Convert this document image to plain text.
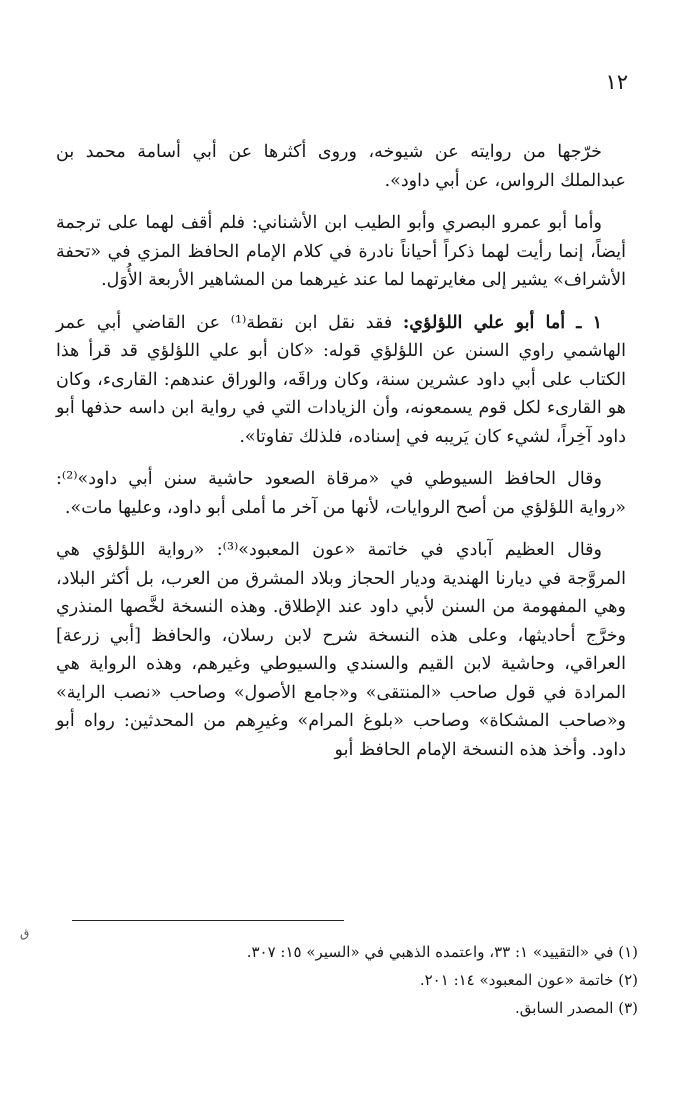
١٢

خرّجها من روايته عن شيوخه، وروى أكثرها عن أبي أسامة محمد بن عبدالملك الرواس، عن أبي داود».

وأما أبو عمرو البصري وأبو الطيب ابن الأشناني: فلم أقف لهما على ترجمة أيضاً، إنما رأيت لهما ذكراً أحياناً نادرة في كلام الإمام الحافظ المزي في «تحفة الأشراف» يشير إلى مغايرتهما لما عند غيرهما من المشاهير الأربعة الأُوَل.

١ ـ أما أبو علي اللؤلؤي: فقد نقل ابن نقطة⁽¹⁾ عن القاضي أبي عمر الهاشمي راوي السنن عن اللؤلؤي قوله: «كان أبو علي اللؤلؤي قد قرأ هذا الكتاب على أبي داود عشرين سنة، وكان وراقَه، والوراق عندهم: القارىء، وكان هو القارىء لكل قوم يسمعونه، وأن الزيادات التي في رواية ابن داسه حذفها أبو داود آخِراً، لشيء كان يَريبه في إسناده، فلذلك تفاوتا».

وقال الحافظ السيوطي في «مرقاة الصعود حاشية سنن أبي داود»⁽²⁾: «رواية اللؤلؤي من أصح الروايات، لأنها من آخر ما أملى أبو داود، وعليها مات».

وقال العظيم آبادي في خاتمة «عون المعبود»⁽³⁾: «رواية اللؤلؤي هي المروَّجة في ديارنا الهندية وديار الحجاز وبلاد المشرق من العرب، بل أكثر البلاد، وهي المفهومة من السنن لأبي داود عند الإطلاق. وهذه النسخة لخَّصها المنذري وخرَّج أحاديثها، وعلى هذه النسخة شرح لابن رسلان، والحافظ [أبي زرعة] العراقي، وحاشية لابن القيم والسندي والسيوطي وغيرهم، وهذه الرواية هي المرادة في قول صاحب «المنتقى» و«جامع الأصول» وصاحب «نصب الراية» و«صاحب المشكاة» وصاحب «بلوغ المرام» وغيرِهم من المحدثين: رواه أبو داود. وأخذ هذه النسخة الإمام الحافظ أبو

ق

(١) في «التقييد» ١: ٣٣، واعتمده الذهبي في «السير» ١٥: ٣٠٧.

(٢) خاتمة «عون المعبود» ١٤: ٢٠١.

(٣) المصدر السابق.
